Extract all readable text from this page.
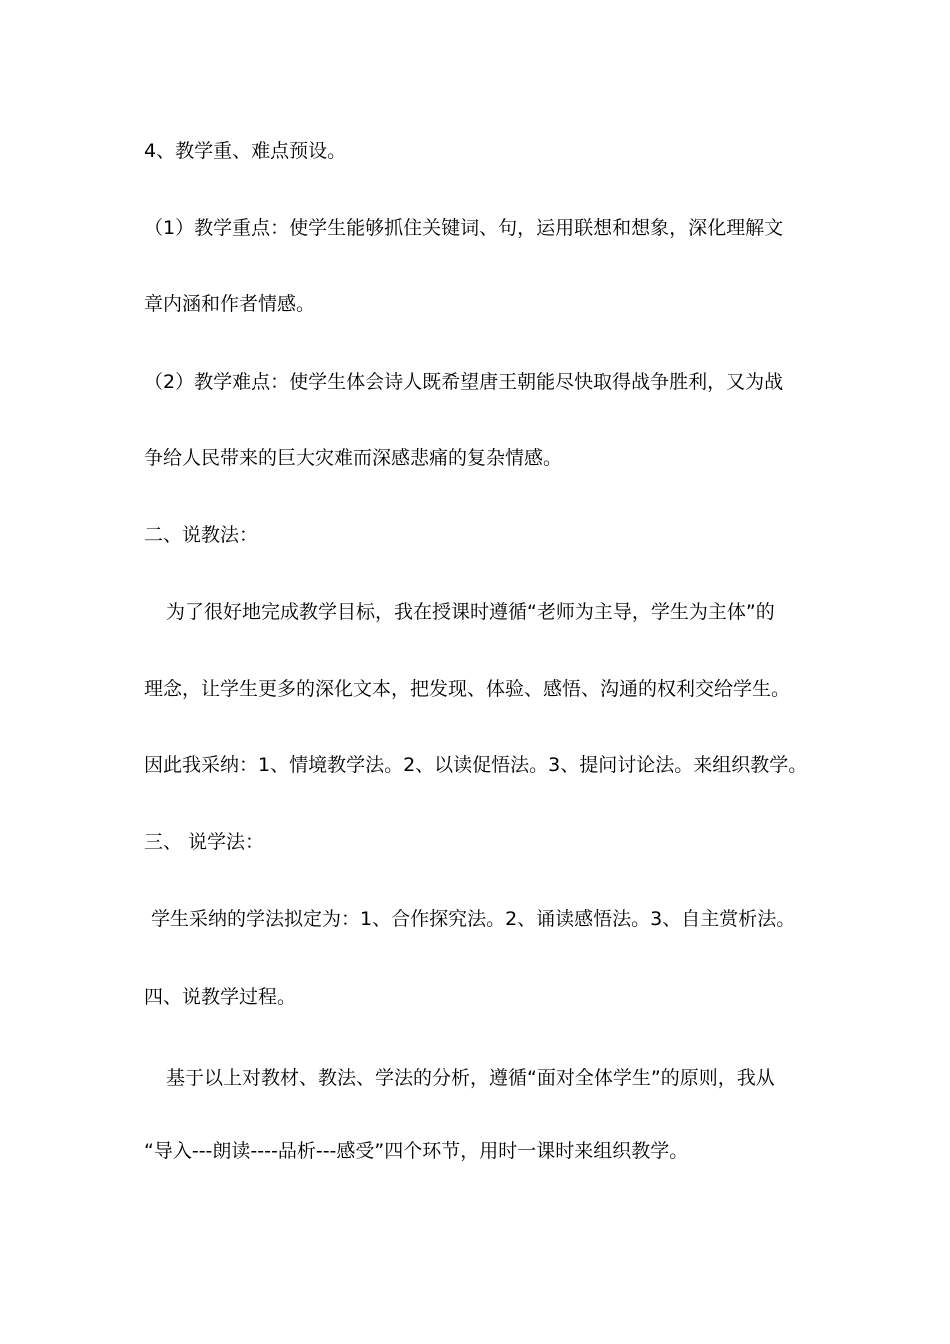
4、教学重、难点预设。
（1）教学重点：使学生能够抓住关键词、句，运用联想和想象，深化理解文
章内涵和作者情感。
（2）教学难点：使学生体会诗人既希望唐王朝能尽快取得战争胜利，又为战
争给人民带来的巨大灾难而深感悲痛的复杂情感。
二、说教法：
为了很好地完成教学目标，我在授课时遵循“老师为主导，学生为主体”的
理念，让学生更多的深化文本，把发现、体验、感悟、沟通的权利交给学生。
因此我采纳：1、情境教学法。2、以读促悟法。3、提问讨论法。来组织教学。
三、 说学法：
学生采纳的学法拟定为：1、合作探究法。2、诵读感悟法。3、自主赏析法。
四、说教学过程。
基于以上对教材、教法、学法的分析，遵循“面对全体学生”的原则，我从
“导入---朗读----品析---感受”四个环节，用时一课时来组织教学。
